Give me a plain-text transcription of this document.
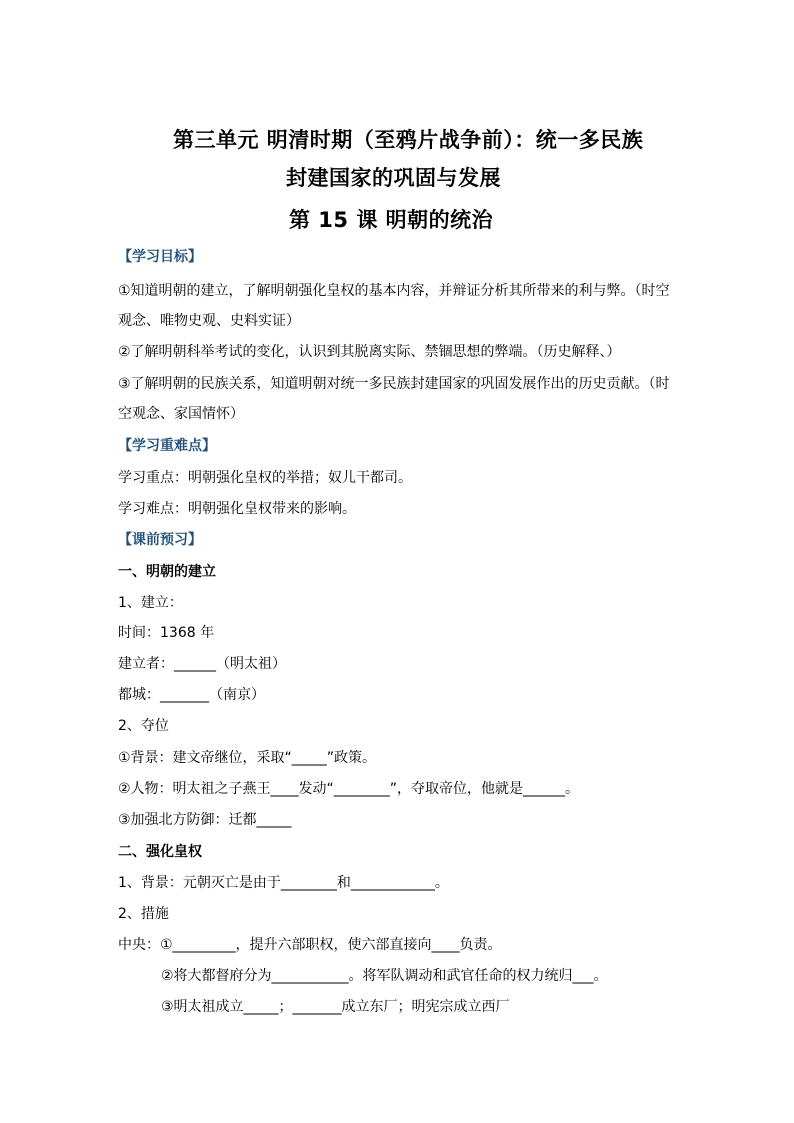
第三单元 明清时期（至鸦片战争前）：统一多民族
封建国家的巩固与发展
第 15 课 明朝的统治
【学习目标】
①知道明朝的建立，了解明朝强化皇权的基本内容，并辩证分析其所带来的利与弊。（时空
观念、唯物史观、史料实证）
②了解明朝科举考试的变化，认识到其脱离实际、禁锢思想的弊端。（历史解释、）
③了解明朝的民族关系，知道明朝对统一多民族封建国家的巩固发展作出的历史贡献。（时
空观念、家国情怀）
【学习重难点】
学习重点：明朝强化皇权的举措；奴儿干都司。
学习难点：明朝强化皇权带来的影响。
【课前预习】
一、明朝的建立
1、建立：
时间：1368 年
建立者：______（明太祖）
都城：_______（南京）
2、夺位
①背景：建文帝继位，采取“_____”政策。
②人物：明太祖之子燕王____发动“________”，夺取帝位，他就是______。
③加强北方防御：迁都_____
二、强化皇权
1、背景：元朝灭亡是由于________和____________。
2、措施
中央：①_________，提升六部职权，使六部直接向____负责。
②将大都督府分为___________。将军队调动和武官任命的权力统归___。
③明太祖成立_____；_______成立东厂；明宪宗成立西厂
